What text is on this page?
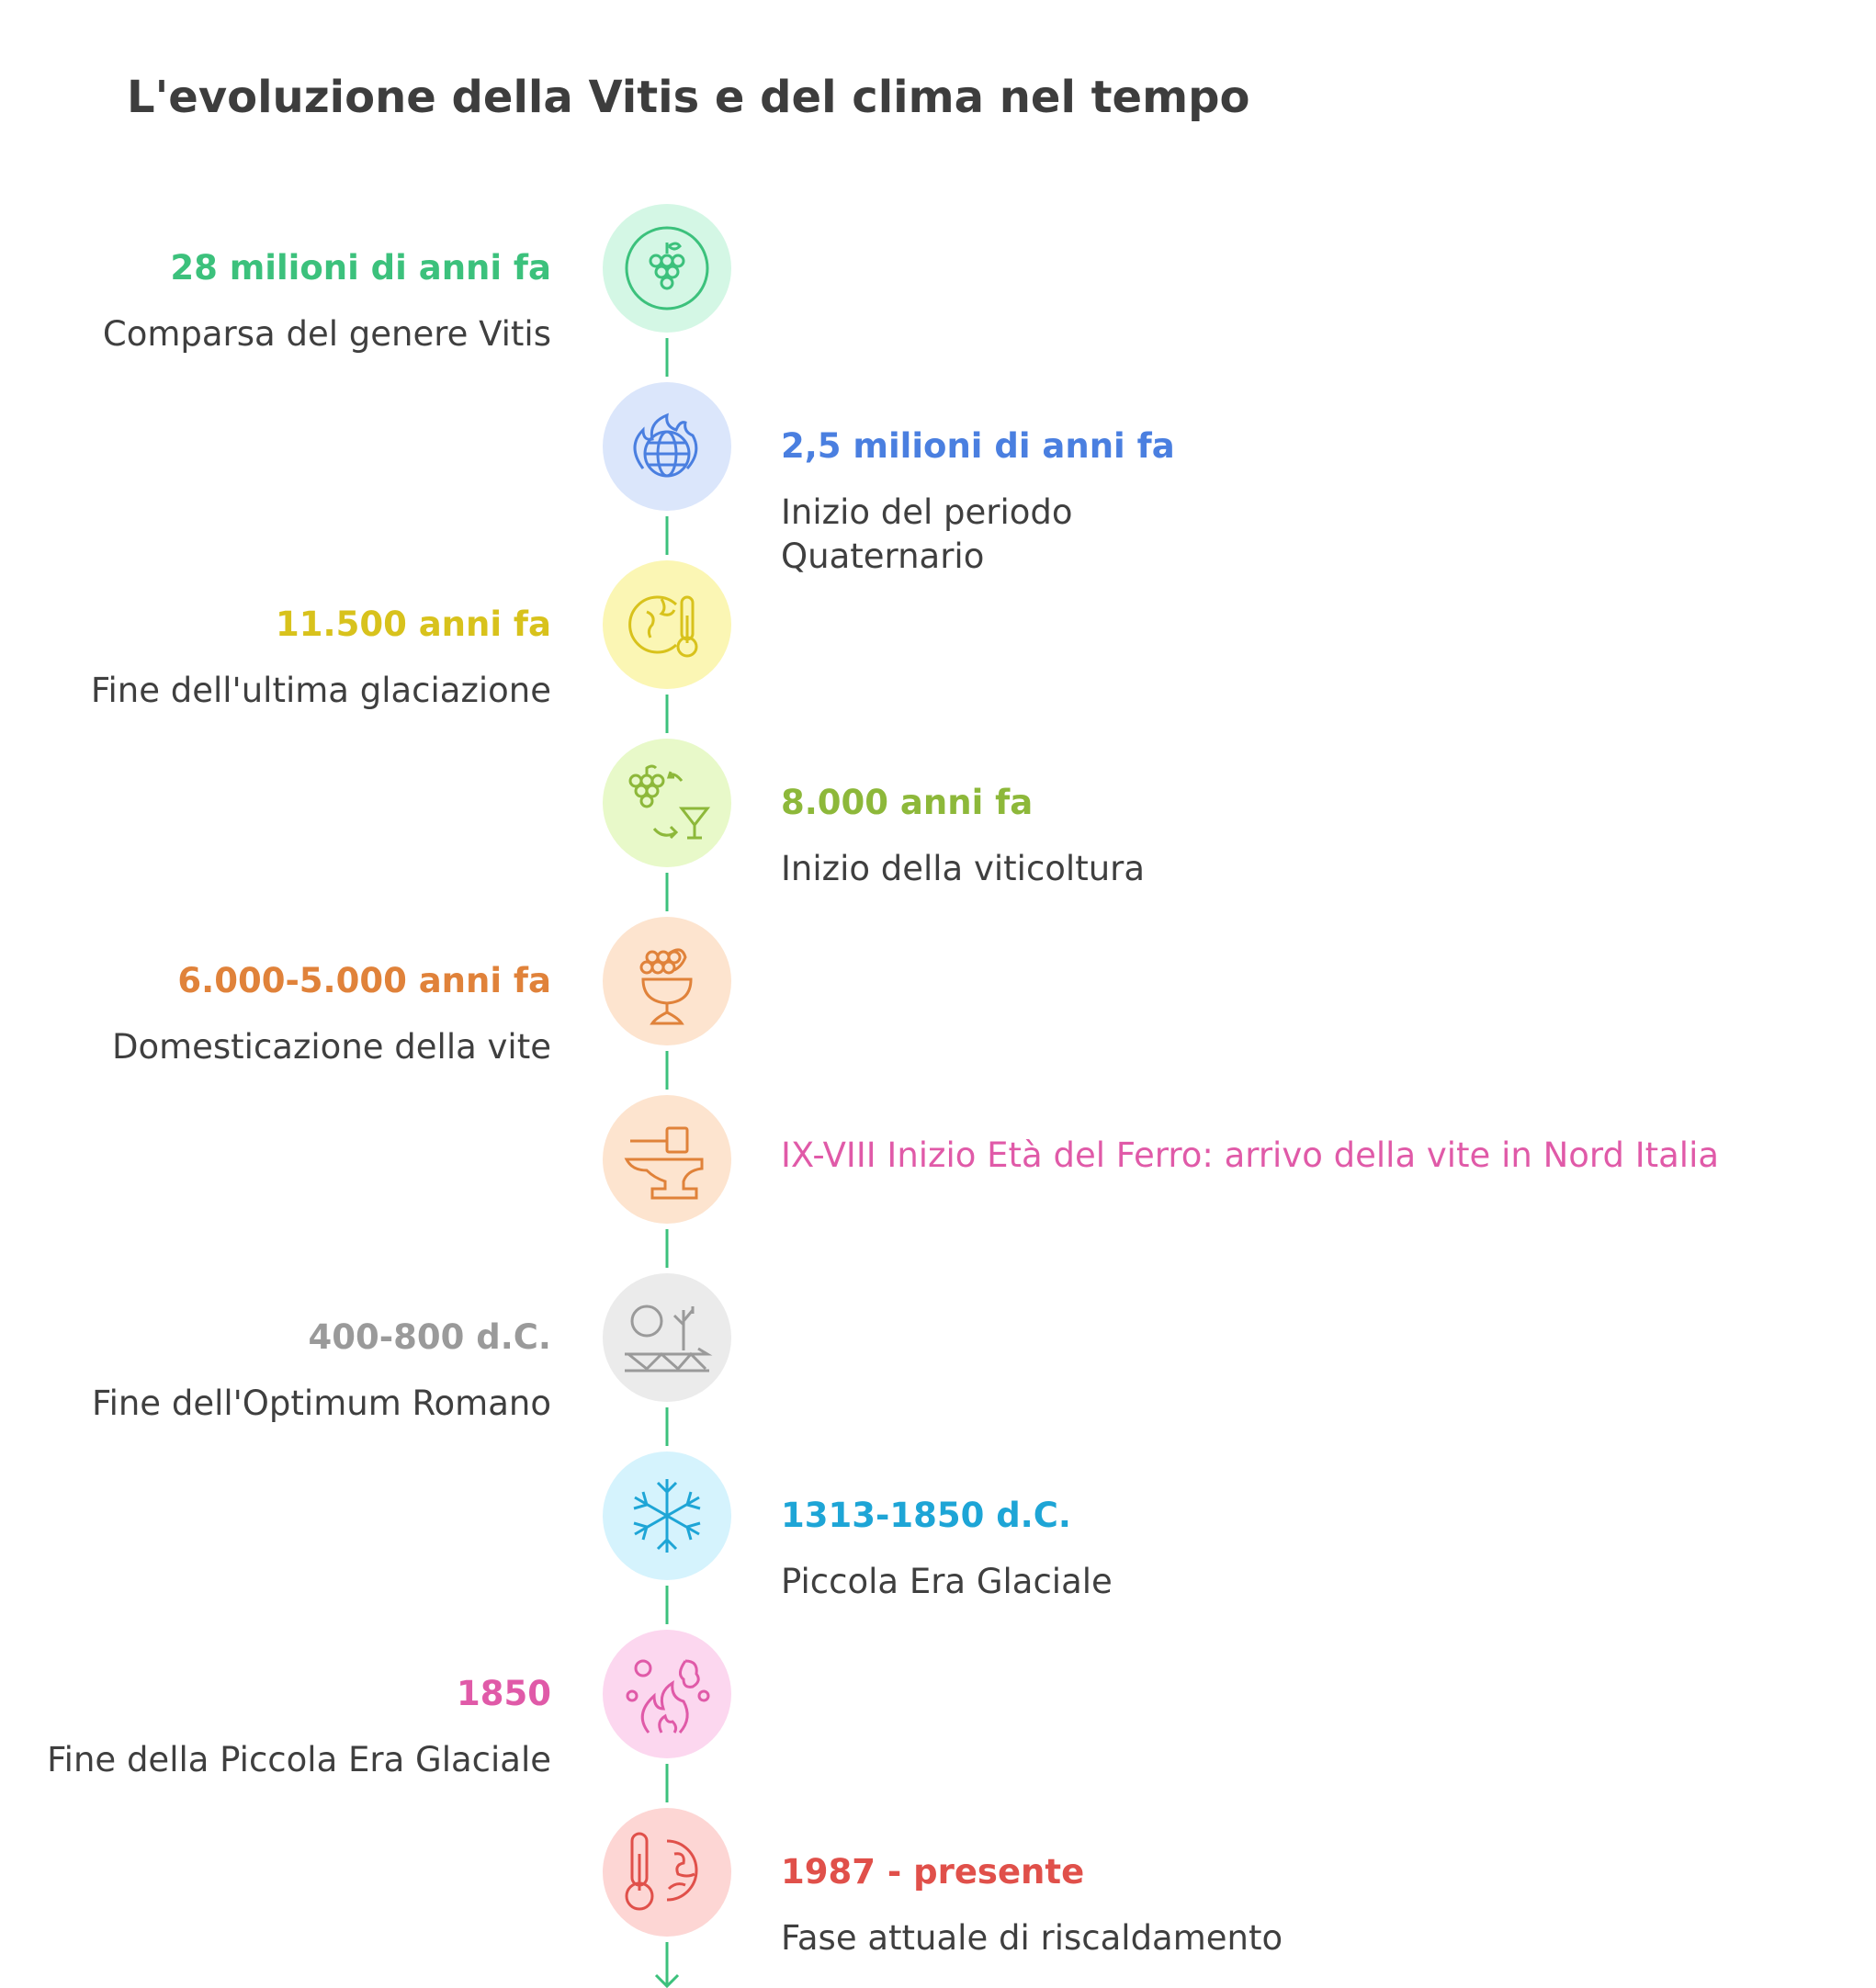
L'evoluzione della Vitis e del clima nel tempo
28 milioni di anni fa
Comparsa del genere Vitis
2,5 milioni di anni fa
Inizio del periodo Quaternario
11.500 anni fa
Fine dell'ultima glaciazione
8.000 anni fa
Inizio della viticoltura
6.000-5.000 anni fa
Domesticazione della vite
IX-VIII Inizio Età del Ferro: arrivo della vite in Nord Italia
400-800 d.C.
Fine dell'Optimum Romano
1313-1850 d.C.
Piccola Era Glaciale
1850
Fine della Piccola Era Glaciale
1987 - presente
Fase attuale di riscaldamento
